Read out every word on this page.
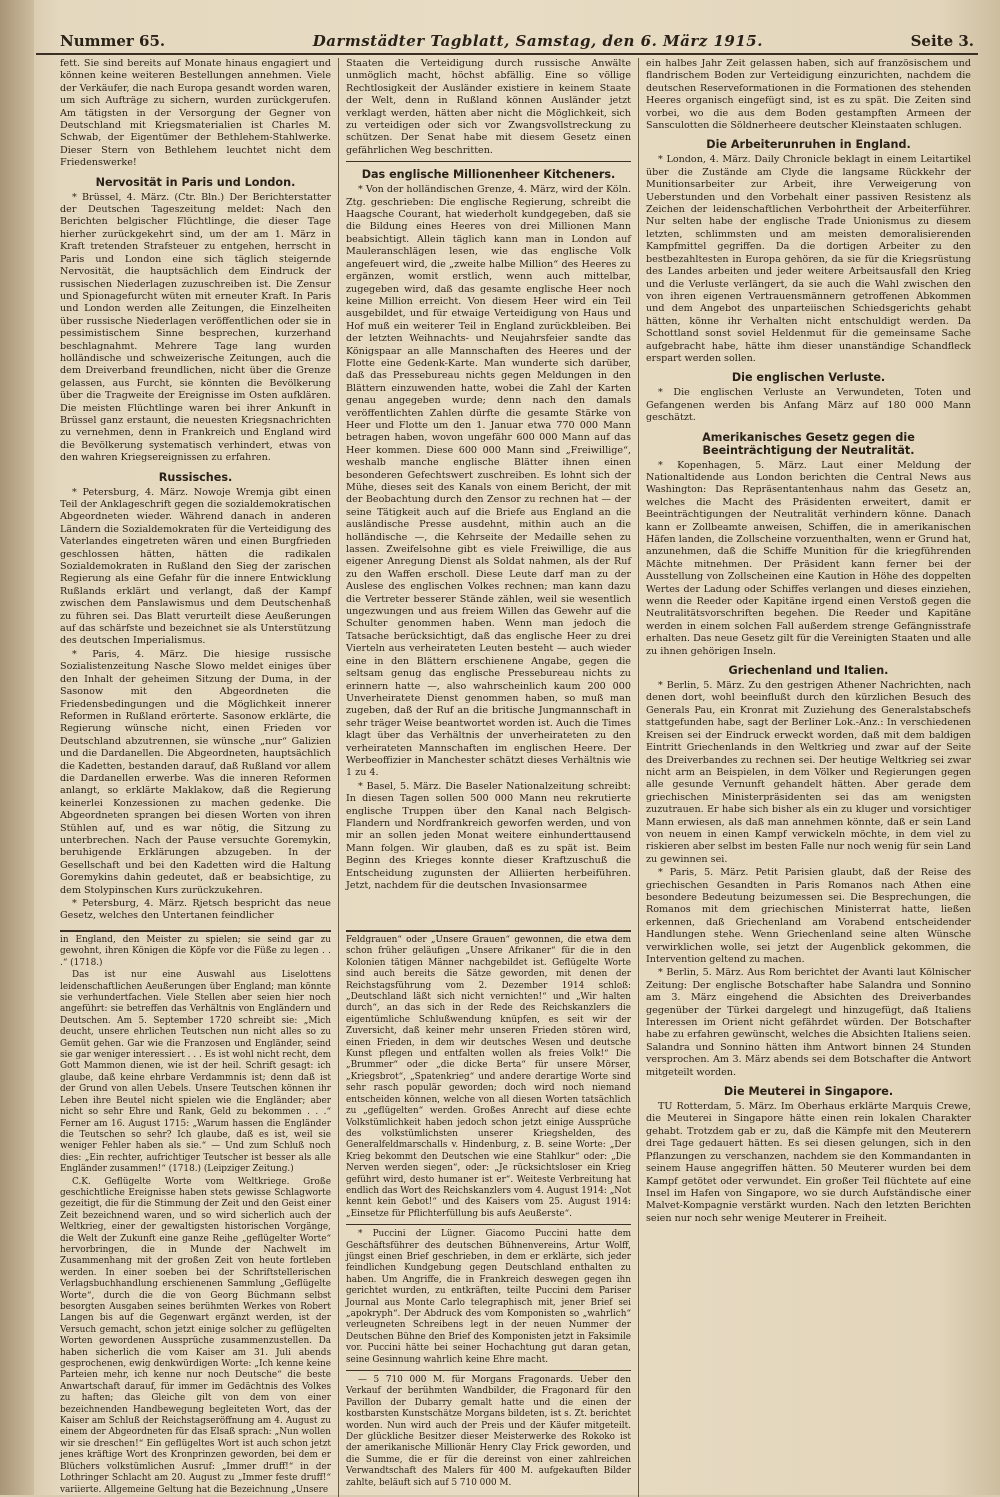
Nummer 65.	Darmstädter Tagblatt, Samstag, den 6. März 1915.	Seite 3.

fett. Sie sind bereits auf Monate hinaus engagiert und können keine weiteren Bestellungen annehmen. Viele der Verkäufer, die nach Europa gesandt worden waren, um sich Aufträge zu sichern, wurden zurückgerufen. Am tätigsten in der Versorgung der Gegner von Deutschland mit Kriegsmaterialien ist Charles M. Schwab, der Eigentümer der Bethlehem-Stahlwerke. Dieser Stern von Bethlehem leuchtet nicht dem Friedenswerke!

Nervosität in Paris und London.

* Brüssel, 4. März. (Ctr. Bln.) Der Berichterstatter der Deutschen Tageszeitung meldet: Nach den Berichten belgischer Flüchtlinge, die dieser Tage hierher zurückgekehrt sind, um der am 1. März in Kraft tretenden Strafsteuer zu entgehen, herrscht in Paris und London eine sich täglich steigernde Nervosität, die hauptsächlich dem Eindruck der russischen Niederlagen zuzuschreiben ist. Die Zensur und Spionagefurcht wüten mit erneuter Kraft. In Paris und London werden alle Zeitungen, die Einzelheiten über russische Niederlagen veröffentlichen oder sie in pessimistischem Sinne besprechen, kurzerhand beschlagnahmt. Mehrere Tage lang wurden holländische und schweizerische Zeitungen, auch die dem Dreiverband freundlichen, nicht über die Grenze gelassen, aus Furcht, sie könnten die Bevölkerung über die Tragweite der Ereignisse im Osten aufklären. Die meisten Flüchtlinge waren bei ihrer Ankunft in Brüssel ganz erstaunt, die neuesten Kriegsnachrichten zu vernehmen, denn in Frankreich und England wird die Bevölkerung systematisch verhindert, etwas von den wahren Kriegsereignissen zu erfahren.

Russisches.

* Petersburg, 4. März. Nowoje Wremja gibt einen Teil der Anklageschrift gegen die sozialdemokratischen Abgeordneten wieder. Während danach in anderen Ländern die Sozialdemokraten für die Verteidigung des Vaterlandes eingetreten wären und einen Burgfrieden geschlossen hätten, hätten die radikalen Sozialdemokraten in Rußland den Sieg der zarischen Regierung als eine Gefahr für die innere Entwicklung Rußlands erklärt und verlangt, daß der Kampf zwischen dem Panslawismus und dem Deutschenhaß zu führen sei. Das Blatt verurteilt diese Aeußerungen auf das schärfste und bezeichnet sie als Unterstützung des deutschen Imperialismus.

* Paris, 4. März. Die hiesige russische Sozialistenzeitung Nasche Slowo meldet einiges über den Inhalt der geheimen Sitzung der Duma, in der Sasonow mit den Abgeordneten die Friedensbedingungen und die Möglichkeit innerer Reformen in Rußland erörterte. Sasonow erklärte, die Regierung wünsche nicht, einen Frieden vor Deutschland abzutrennen, sie wünsche „nur“ Galizien und die Dardanellen. Die Abgeordneten, hauptsächlich die Kadetten, bestanden darauf, daß Rußland vor allem die Dardanellen erwerbe. Was die inneren Reformen anlangt, so erklärte Maklakow, daß die Regierung keinerlei Konzessionen zu machen gedenke. Die Abgeordneten sprangen bei diesen Worten von ihren Stühlen auf, und es war nötig, die Sitzung zu unterbrechen. Nach der Pause versuchte Goremykin, beruhigende Erklärungen abzugeben. In der Gesellschaft und bei den Kadetten wird die Haltung Goremykins dahin gedeutet, daß er beabsichtige, zu dem Stolypinschen Kurs zurückzukehren.

* Petersburg, 4. März. Rjetsch bespricht das neue Gesetz, welches den Untertanen feindlicher

in England, den Meister zu spielen; sie seind gar zu gewohnt, ihren Königen die Köpfe vor die Füße zu legen . . .“ (1718.)

Das ist nur eine Auswahl aus Liselottens leidenschaftlichen Aeußerungen über England; man könnte sie verhundertfachen. Viele Stellen aber seien hier noch angeführt: sie betreffen das Verhältnis von Engländern und Deutschen. Am 5. September 1720 schreibt sie: „Mich deucht, unsere ehrlichen Teutschen nun nicht alles so zu Gemüt gehen. Gar wie die Franzosen und Engländer, seind sie gar weniger interessiert . . . Es ist wohl nicht recht, dem Gott Mammon dienen, wie ist der heil. Schrift gesagt: ich glaube, daß keine ehrbare Verdammnis ist; denn daß ist der Grund von allen Uebels. Unsere Teutschen können ihr Leben ihre Beutel nicht spielen wie die Engländer; aber nicht so sehr Ehre und Rank, Geld zu bekommen . . .“ Ferner am 16. August 1715: „Warum hassen die Engländer die Teutschen so sehr? Ich glaube, daß es ist, weil sie weniger Fehler haben als sie.“ — Und zum Schluß noch dies: „Ein rechter, aufrichtiger Teutscher ist besser als alle Engländer zusammen!“ (1718.) (Leipziger Zeitung.)

C.K. Geflügelte Worte vom Weltkriege. Große geschichtliche Ereignisse haben stets gewisse Schlagworte gezeitigt, die für die Stimmung der Zeit und den Geist einer Zeit bezeichnend waren, und so wird sicherlich auch der Weltkrieg, einer der gewaltigsten historischen Vorgänge, die Welt der Zukunft eine ganze Reihe „geflügelter Worte“ hervorbringen, die in Munde der Nachwelt im Zusammenhang mit der großen Zeit von heute fortleben werden. In einer soeben bei der Schriftstellerischen Verlagsbuchhandlung erschienenen Sammlung „Geflügelte Worte“, durch die die von Georg Büchmann selbst besorgten Ausgaben seines berühmten Werkes von Robert Langen bis auf die Gegenwart ergänzt werden, ist der Versuch gemacht, schon jetzt einige solcher zu geflügelten Worten gewordenen Aussprüche zusammenzustellen. Da haben sicherlich die vom Kaiser am 31. Juli abends gesprochenen, ewig denkwürdigen Worte: „Ich kenne keine Parteien mehr, ich kenne nur noch Deutsche“ die beste Anwartschaft darauf, für immer im Gedächtnis des Volkes zu haften; das Gleiche gilt von dem von einer bezeichnenden Handbewegung begleiteten Wort, das der Kaiser am Schluß der Reichstagseröffnung am 4. August zu einem der Abgeordneten für das Elsaß sprach: „Nun wollen wir sie dreschen!“ Ein geflügeltes Wort ist auch schon jetzt jenes kräftige Wort des Kronprinzen geworden, bei dem er Blüchers volkstümlichen Ausruf: „Immer druff!“ in der Lothringer Schlacht am 20. August zu „Immer feste druff!“ variierte. Allgemeine Geltung hat die Bezeichnung „Unsere

Staaten die Verteidigung durch russische Anwälte unmöglich macht, höchst abfällig. Eine so völlige Rechtlosigkeit der Ausländer existiere in keinem Staate der Welt, denn in Rußland können Ausländer jetzt verklagt werden, hätten aber nicht die Möglichkeit, sich zu verteidigen oder sich vor Zwangsvollstreckung zu schützen. Der Senat habe mit diesem Gesetz einen gefährlichen Weg beschritten.

Das englische Millionenheer Kitcheners.

* Von der holländischen Grenze, 4. März, wird der Köln. Ztg. geschrieben: Die englische Regierung, schreibt die Haagsche Courant, hat wiederholt kundgegeben, daß sie die Bildung eines Heeres von drei Millionen Mann beabsichtigt. Allein täglich kann man in London auf Mauleranschlägen lesen, wie das englische Volk angefeuert wird, die „zweite halbe Million“ des Heeres zu ergänzen, womit erstlich, wenn auch mittelbar, zugegeben wird, daß das gesamte englische Heer noch keine Million erreicht. Von diesem Heer wird ein Teil ausgebildet, und für etwaige Verteidigung von Haus und Hof muß ein weiterer Teil in England zurückbleiben. Bei der letzten Weihnachts- und Neujahrsfeier sandte das Königspaar an alle Mannschaften des Heeres und der Flotte eine Gedenk-Karte. Man wunderte sich darüber, daß das Pressebureau nichts gegen Meldungen in den Blättern einzuwenden hatte, wobei die Zahl der Karten genau angegeben wurde; denn nach den damals veröffentlichten Zahlen dürfte die gesamte Stärke von Heer und Flotte um den 1. Januar etwa 770 000 Mann betragen haben, wovon ungefähr 600 000 Mann auf das Heer kommen. Diese 600 000 Mann sind „Freiwillige“, weshalb manche englische Blätter ihnen einen besonderen Gefechtswert zuschreiben. Es lohnt sich der Mühe, dieses seit des Kanals von einem Bericht, der mit der Beobachtung durch den Zensor zu rechnen hat — der seine Tätigkeit auch auf die Briefe aus England an die ausländische Presse ausdehnt, mithin auch an die holländische —, die Kehrseite der Medaille sehen zu lassen. Zweifelsohne gibt es viele Freiwillige, die aus eigener Anregung Dienst als Soldat nahmen, als der Ruf zu den Waffen erscholl. Diese Leute darf man zu der Auslese des englischen Volkes rechnen; man kann dazu die Vertreter besserer Stände zählen, weil sie wesentlich ungezwungen und aus freiem Willen das Gewehr auf die Schulter genommen haben. Wenn man jedoch die Tatsache berücksichtigt, daß das englische Heer zu drei Vierteln aus verheirateten Leuten besteht — auch wieder eine in den Blättern erschienene Angabe, gegen die seltsam genug das englische Pressebureau nichts zu erinnern hatte —, also wahrscheinlich kaum 200 000 Unverheiratete Dienst genommen haben, so muß man zugeben, daß der Ruf an die britische Jungmannschaft in sehr träger Weise beantwortet worden ist. Auch die Times klagt über das Verhältnis der unverheirateten zu den verheirateten Mannschaften im englischen Heere. Der Werbeoffizier in Manchester schätzt dieses Verhältnis wie 1 zu 4.

* Basel, 5. März. Die Baseler Nationalzeitung schreibt: In diesen Tagen sollen 500 000 Mann neu rekrutierte englische Truppen über den Kanal nach Belgisch-Flandern und Nordfrankreich geworfen werden, und von mir an sollen jeden Monat weitere einhunderttausend Mann folgen. Wir glauben, daß es zu spät ist. Beim Beginn des Krieges konnte dieser Kraftzuschuß die Entscheidung zugunsten der Alliierten herbeiführen. Jetzt, nachdem für die deutschen Invasionsarmee

Feldgrauen“ oder „Unsere Grauen“ gewonnen, die etwa dem schon früher geläufigen „Unsere Afrikaner“ für die in den Kolonien tätigen Männer nachgebildet ist. Geflügelte Worte sind auch bereits die Sätze geworden, mit denen der Reichstagsführung vom 2. Dezember 1914 schloß: „Deutschland läßt sich nicht vernichten!“ und „Wir halten durch“, an das sich in der Rede des Reichskanzlers die eigentümliche Schlußwendung knüpfen, es seit wir der Zuversicht, daß keiner mehr unseren Frieden stören wird, einen Frieden, in dem wir deutsches Wesen und deutsche Kunst pflegen und entfalten wollen als freies Volk!“ Die „Brummer“ oder „die dicke Berta“ für unsere Mörser, „Kriegsbrot“, „Spatenkrieg“ und andere derartige Worte sind sehr rasch populär geworden; doch wird noch niemand entscheiden können, welche von all diesen Worten tatsächlich zu „geflügelten“ werden. Großes Anrecht auf diese echte Volkstümlichkeit haben jedoch schon jetzt einige Aussprüche des volkstümlichsten unserer Kriegshelden, des Generalfeldmarschalls v. Hindenburg, z. B. seine Worte: „Der Krieg bekommt den Deutschen wie eine Stahlkur“ oder: „Die Nerven werden siegen“, oder: „Je rücksichtsloser ein Krieg geführt wird, desto humaner ist er“. Weiteste Verbreitung hat endlich das Wort des Reichskanzlers vom 4. August 1914: „Not kennt kein Gebot!“ und des Kaisers vom 25. August 1914: „Einsetze für Pflichterfüllung bis aufs Aeußerste“.

* Puccini der Lügner. Giacomo Puccini hatte dem Geschäftsführer des deutschen Bühnenvereins, Artur Wolff, jüngst einen Brief geschrieben, in dem er erklärte, sich jeder feindlichen Kundgebung gegen Deutschland enthalten zu haben. Um Angriffe, die in Frankreich deswegen gegen ihn gerichtet wurden, zu entkräften, teilte Puccini dem Pariser Journal aus Monte Carlo telegraphisch mit, jener Brief sei „apokryph“. Der Abdruck des vom Komponisten so „wahrlich“ verleugneten Schreibens legt in der neuen Nummer der Deutschen Bühne den Brief des Komponisten jetzt in Faksimile vor. Puccini hätte bei seiner Hochachtung gut daran getan, seine Gesinnung wahrlich keine Ehre macht.

— 5 710 000 M. für Morgans Fragonards. Ueber den Verkauf der berühmten Wandbilder, die Fragonard für den Pavillon der Dubarry gemalt hatte und die einen der kostbarsten Kunstschätze Morgans bildeten, ist s. Zt. berichtet worden. Nun wird auch der Preis und der Käufer mitgeteilt. Der glückliche Besitzer dieser Meisterwerke des Rokoko ist der amerikanische Millionär Henry Clay Frick geworden, und die Summe, die er für die dereinst von einer zahlreichen Verwandtschaft des Malers für 400 M. aufgekauften Bilder zahlte, beläuft sich auf 5 710 000 M.

ein halbes Jahr Zeit gelassen haben, sich auf französischem und flandrischem Boden zur Verteidigung einzurichten, nachdem die deutschen Reserveformationen in die Formationen des stehenden Heeres organisch eingefügt sind, ist es zu spät. Die Zeiten sind vorbei, wo die aus dem Boden gestampften Armeen der Sansculotten die Söldnerheere deutscher Kleinstaaten schlugen.

Die Arbeiterunruhen in England.

* London, 4. März. Daily Chronicle beklagt in einem Leitartikel über die Zustände am Clyde die langsame Rückkehr der Munitionsarbeiter zur Arbeit, ihre Verweigerung von Ueberstunden und den Vorbehalt einer passiven Resistenz als Zeichen der leidenschaftlichen Verbohrtheit der Arbeiterführer. Nur selten habe der englische Trade Unionismus zu diesem letzten, schlimmsten und am meisten demoralisierenden Kampfmittel gegriffen. Da die dortigen Arbeiter zu den bestbezahltesten in Europa gehören, da sie für die Kriegsrüstung des Landes arbeiten und jeder weitere Arbeitsausfall den Krieg und die Verluste verlängert, da sie auch die Wahl zwischen den von ihren eigenen Vertrauensmännern getroffenen Abkommen und dem Angebot des unparteiischen Schiedsgerichts gehabt hätten, könne ihr Verhalten nicht entschuldigt werden. Da Schottland sonst soviel Heldenmut für die gemeinsame Sache aufgebracht habe, hätte ihm dieser unanständige Schandfleck erspart werden sollen.

Die englischen Verluste.

* Die englischen Verluste an Verwundeten, Toten und Gefangenen werden bis Anfang März auf 180 000 Mann geschätzt.

Amerikanisches Gesetz gegen die Beeinträchtigung der Neutralität.

* Kopenhagen, 5. März. Laut einer Meldung der Nationaltidende aus London berichten die Central News aus Washington: Das Repräsentantenhaus nahm das Gesetz an, welches die Macht des Präsidenten erweitert, damit er Beeinträchtigungen der Neutralität verhindern könne. Danach kann er Zollbeamte anweisen, Schiffen, die in amerikanischen Häfen landen, die Zollscheine vorzuenthalten, wenn er Grund hat, anzunehmen, daß die Schiffe Munition für die kriegführenden Mächte mitnehmen. Der Präsident kann ferner bei der Ausstellung von Zollscheinen eine Kaution in Höhe des doppelten Wertes der Ladung oder Schiffes verlangen und dieses einziehen, wenn die Reeder oder Kapitäne irgend einen Verstoß gegen die Neutralitätsvorschriften begehen. Die Reeder und Kapitäne werden in einem solchen Fall außerdem strenge Gefängnisstrafe erhalten. Das neue Gesetz gilt für die Vereinigten Staaten und alle zu ihnen gehörigen Inseln.

Griechenland und Italien.

* Berlin, 5. März. Zu den gestrigen Athener Nachrichten, nach denen dort, wohl beeinflußt durch den kürzlichen Besuch des Generals Pau, ein Kronrat mit Zuziehung des Generalstabschefs stattgefunden habe, sagt der Berliner Lok.-Anz.: In verschiedenen Kreisen sei der Eindruck erweckt worden, daß mit dem baldigen Eintritt Griechenlands in den Weltkrieg und zwar auf der Seite des Dreiverbandes zu rechnen sei. Der heutige Weltkrieg sei zwar nicht arm an Beispielen, in dem Völker und Regierungen gegen alle gesunde Vernunft gehandelt hätten. Aber gerade dem griechischen Ministerpräsidenten sei das am wenigsten zuzutrauen. Er habe sich bisher als ein zu kluger und vorsichtiger Mann erwiesen, als daß man annehmen könnte, daß er sein Land von neuem in einen Kampf verwickeln möchte, in dem viel zu riskieren aber selbst im besten Falle nur noch wenig für sein Land zu gewinnen sei.

* Paris, 5. März. Petit Parisien glaubt, daß der Reise des griechischen Gesandten in Paris Romanos nach Athen eine besondere Bedeutung beizumessen sei. Die Besprechungen, die Romanos mit dem griechischen Ministerrat hatte, ließen erkennen, daß Griechenland am Vorabend entscheidender Handlungen stehe. Wenn Griechenland seine alten Wünsche verwirklichen wolle, sei jetzt der Augenblick gekommen, die Intervention geltend zu machen.

* Berlin, 5. März. Aus Rom berichtet der Avanti laut Kölnischer Zeitung: Der englische Botschafter habe Salandra und Sonnino am 3. März eingehend die Absichten des Dreiverbandes gegenüber der Türkei dargelegt und hinzugefügt, daß Italiens Interessen im Orient nicht gefährdet würden. Der Botschafter habe zu erfahren gewünscht, welches die Absichten Italiens seien. Salandra und Sonnino hätten ihm Antwort binnen 24 Stunden versprochen. Am 3. März abends sei dem Botschafter die Antwort mitgeteilt worden.

Die Meuterei in Singapore.

TU Rotterdam, 5. März. Im Oberhaus erklärte Marquis Crewe, die Meuterei in Singapore hätte einen rein lokalen Charakter gehabt. Trotzdem gab er zu, daß die Kämpfe mit den Meuterern drei Tage gedauert hätten. Es sei diesen gelungen, sich in den Pflanzungen zu verschanzen, nachdem sie den Kommandanten in seinem Hause angegriffen hätten. 50 Meuterer wurden bei dem Kampf getötet oder verwundet. Ein großer Teil flüchtete auf eine Insel im Hafen von Singapore, wo sie durch Aufständische einer Malvet-Kompagnie verstärkt wurden. Nach den letzten Berichten seien nur noch sehr wenige Meuterer in Freiheit.
